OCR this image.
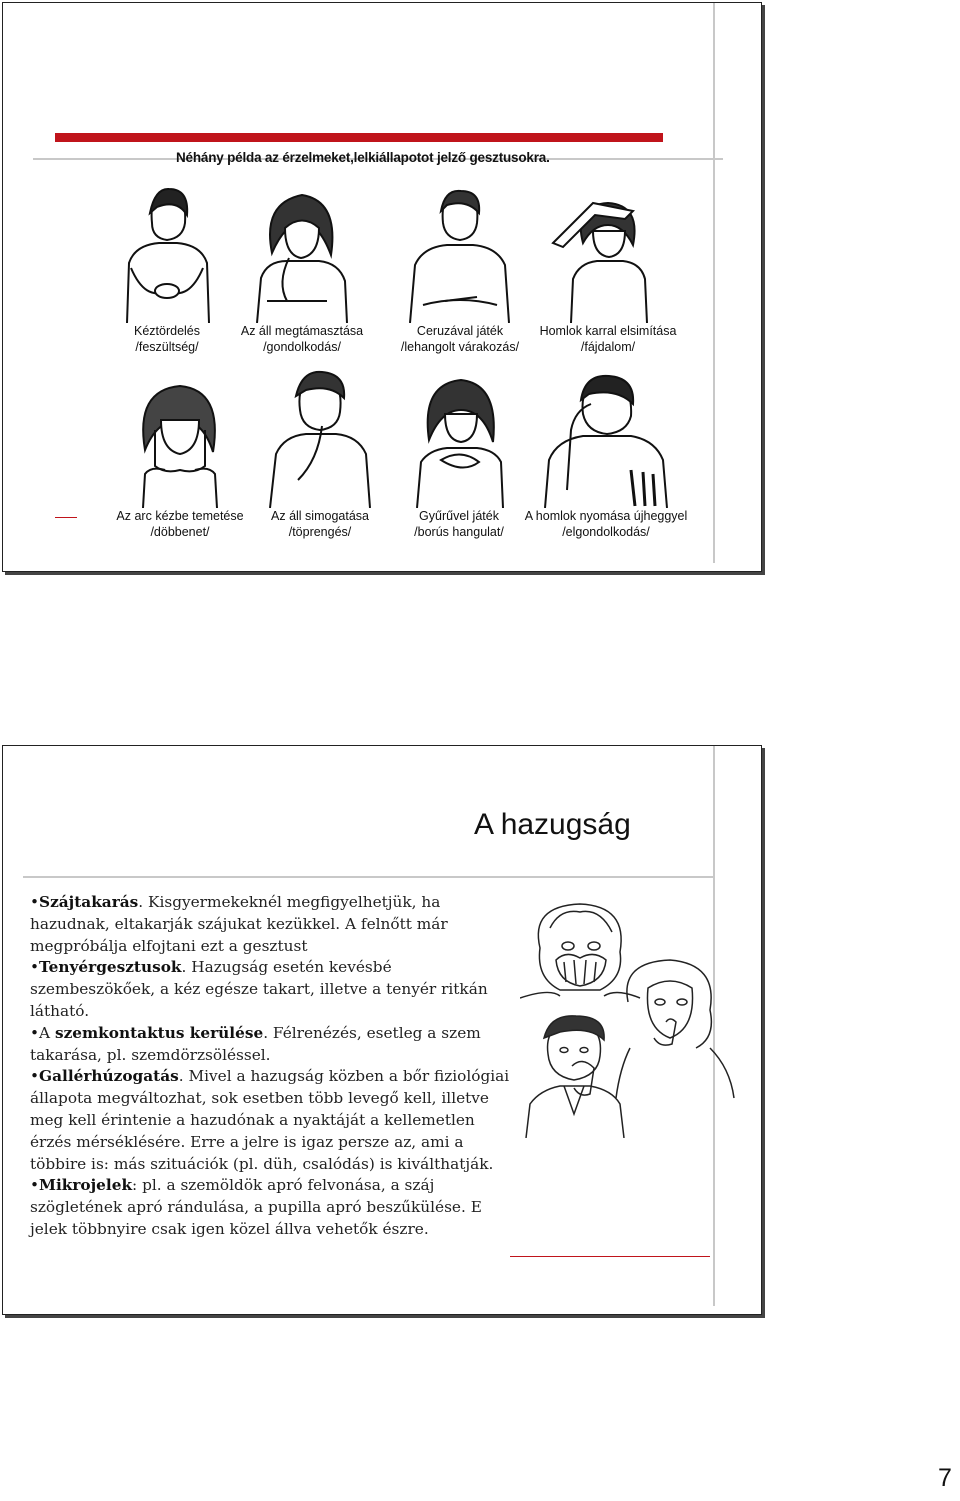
Néhány példa az érzelmeket,lelkiállapotot jelző gesztusokra.
Kéztördelés
/feszültség/
Az áll megtámasztása
/gondolkodás/
Ceruzával játék
/lehangolt várakozás/
Homlok karral elsimítása
/fájdalom/
Az arc kézbe temetése
/döbbenet/
Az áll simogatása
/töprengés/
Gyűrűvel játék
/borús hangulat/
A homlok nyomása újheggyel
/elgondolkodás/
A hazugság
•Szájtakarás. Kisgyermekeknél megfigyelhetjük, ha hazudnak, eltakarják szájukat kezükkel. A felnőtt már megpróbálja elfojtani ezt a gesztust
•Tenyérgesztusok. Hazugság esetén kevésbé szembeszökőek, a kéz egésze takart, illetve a tenyér ritkán látható.
•A szemkontaktus kerülése. Félrenézés, esetleg a szem takarása, pl. szemdörzsöléssel.
•Gallérhúzogatás. Mivel a hazugság közben a bőr fiziológiai állapota megváltozhat, sok esetben több levegő kell, illetve meg kell érintenie a hazudónak a nyaktáját a kellemetlen érzés mérséklésére. Erre a jelre is igaz persze az, ami a többire is: más szituációk (pl. düh, csalódás) is kiválthatják.
•Mikrojelek: pl. a szemöldök apró felvonása, a száj szögletének apró rándulása, a pupilla apró beszűkülése. E jelek többnyire csak igen közel állva vehetők észre.
7
